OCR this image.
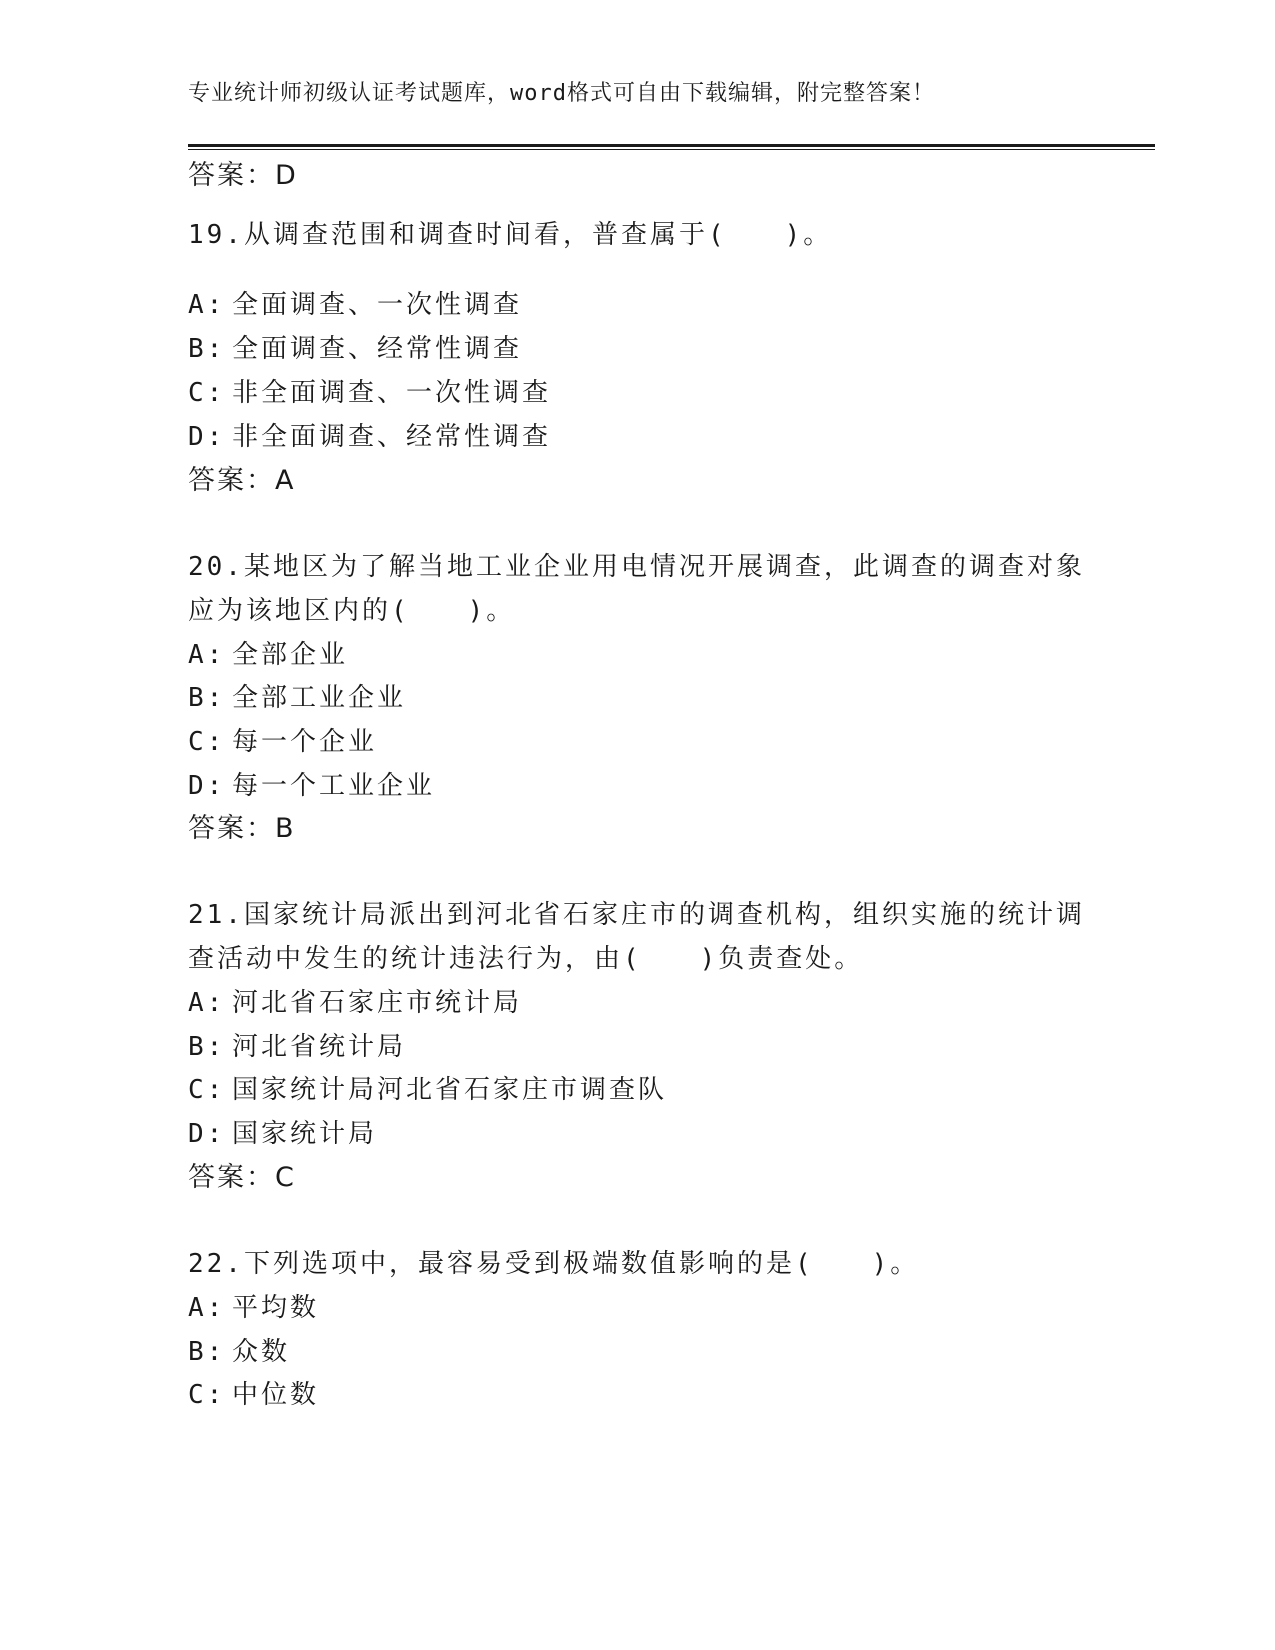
专业统计师初级认证考试题库，word格式可自由下载编辑，附完整答案！
答案：D
19.从调查范围和调查时间看，普查属于(　　)。
A: 全面调查、一次性调查
B: 全面调查、经常性调查
C: 非全面调查、一次性调查
D: 非全面调查、经常性调查
答案：A
20.某地区为了解当地工业企业用电情况开展调查，此调查的调查对象
应为该地区内的(　　)。
A: 全部企业
B: 全部工业企业
C: 每一个企业
D: 每一个工业企业
答案：B
21.国家统计局派出到河北省石家庄市的调查机构，组织实施的统计调
查活动中发生的统计违法行为，由(　　)负责查处。
A: 河北省石家庄市统计局
B: 河北省统计局
C: 国家统计局河北省石家庄市调查队
D: 国家统计局
答案：C
22.下列选项中，最容易受到极端数值影响的是(　　)。
A: 平均数
B: 众数
C: 中位数
